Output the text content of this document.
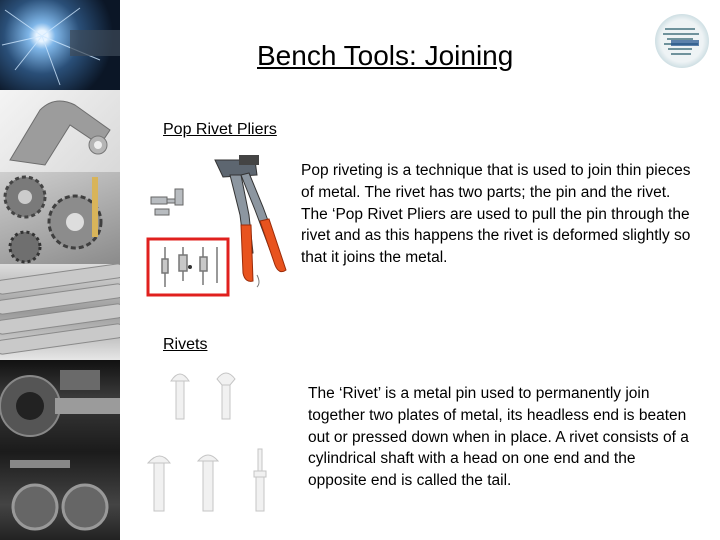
Bench Tools: Joining
Pop Rivet Pliers
Pop riveting is a technique that is used to join thin pieces of metal. The rivet has two parts; the pin and the rivet. The ‘Pop Rivet Pliers are used to pull the pin through the rivet and as this happens the rivet is deformed slightly so that it joins the metal.
Rivets
The ‘Rivet’ is a metal pin used to permanently join together two plates of metal, its headless end is beaten out or pressed down when in place. A rivet consists of a cylindrical shaft with a head on one end and the opposite end is called the tail.
